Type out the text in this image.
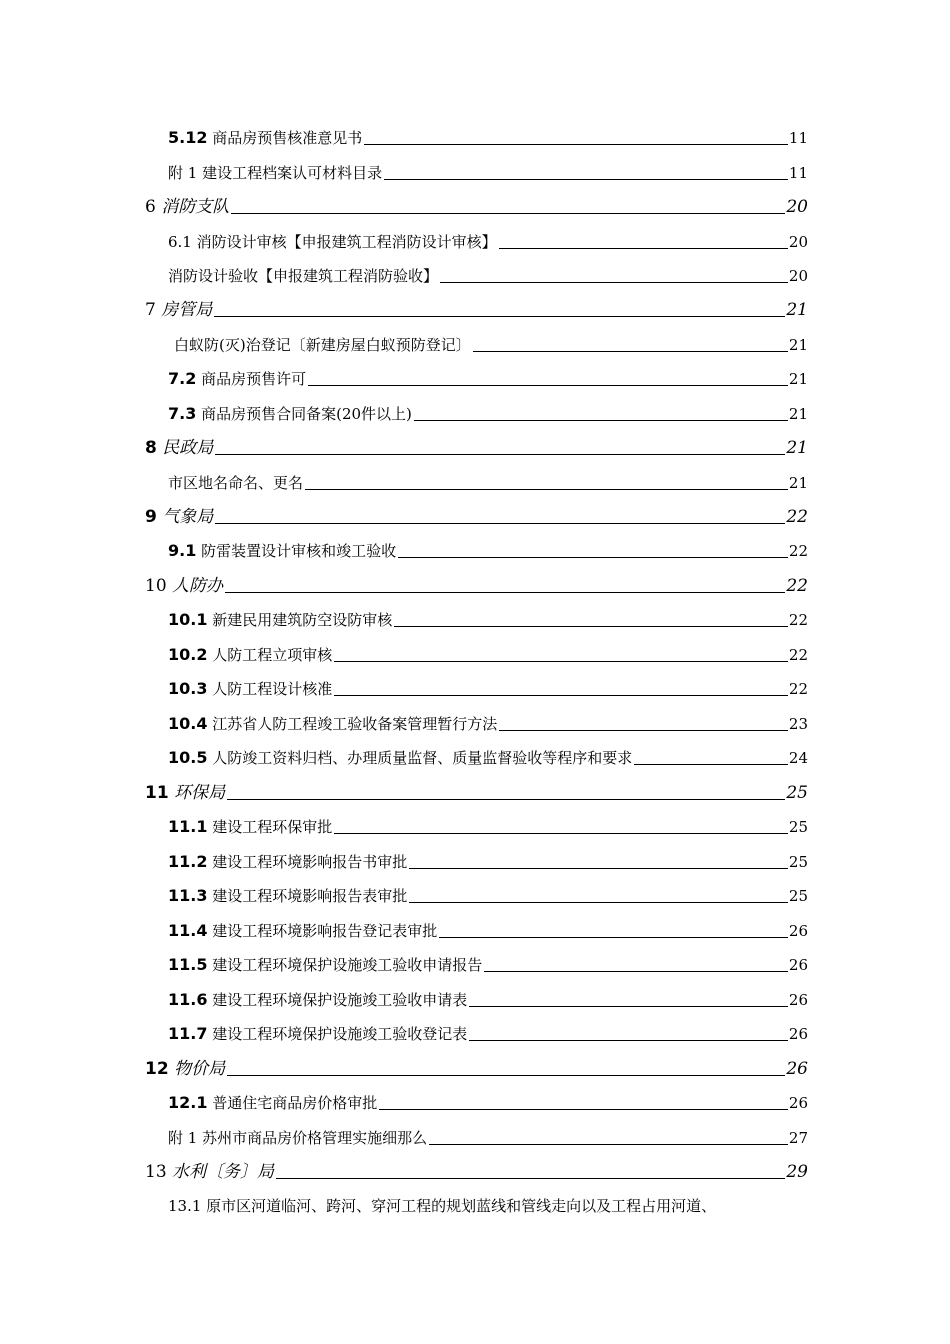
5.12 商品房预售核准意见书	11
附 1 建设工程档案认可材料目录	11
6 消防支队	20
6.1 消防设计审核【申报建筑工程消防设计审核】	20
消防设计验收【申报建筑工程消防验收】	20
7 房管局	21
白蚁防(灭)治登记〔新建房屋白蚁预防登记〕	21
7.2 商品房预售许可	21
7.3 商品房预售合同备案(20件以上)	21
8 民政局	21
市区地名命名、更名	21
9 气象局	22
9.1 防雷装置设计审核和竣工验收	22
10 人防办	22
10.1 新建民用建筑防空设防审核	22
10.2 人防工程立项审核	22
10.3 人防工程设计核准	22
10.4 江苏省人防工程竣工验收备案管理暂行方法	23
10.5 人防竣工资料归档、办理质量监督、质量监督验收等程序和要求	24
11 环保局	25
11.1 建设工程环保审批	25
11.2 建设工程环境影响报告书审批	25
11.3 建设工程环境影响报告表审批	25
11.4 建设工程环境影响报告登记表审批	26
11.5 建设工程环境保护设施竣工验收申请报告	26
11.6 建设工程环境保护设施竣工验收申请表	26
11.7 建设工程环境保护设施竣工验收登记表	26
12 物价局	26
12.1 普通住宅商品房价格审批	26
附 1 苏州市商品房价格管理实施细那么	27
13 水利〔务〕局	29
13.1 原市区河道临河、跨河、穿河工程的规划蓝线和管线走向以及工程占用河道、
